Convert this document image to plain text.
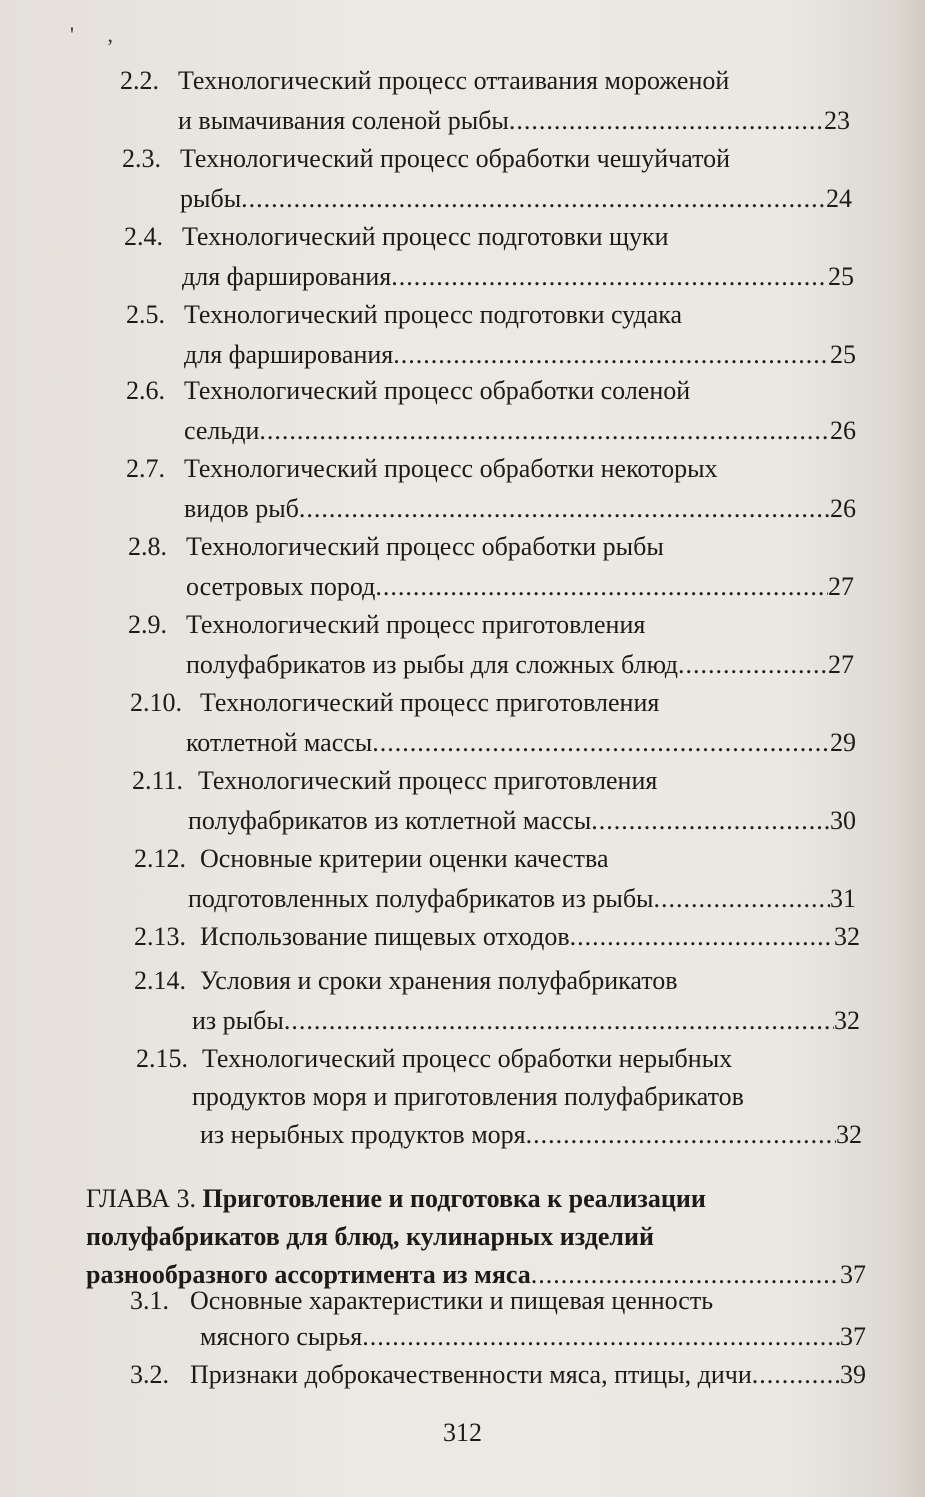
' ,
2.2. Технологический процесс оттаивания мороженой
и вымачивания соленой рыбы .....	23
2.3. Технологический процесс обработки чешуйчатой
рыбы .....	24
2.4. Технологический процесс подготовки щуки
для фарширования .....	25
2.5. Технологический процесс подготовки судака
для фарширования .....	25
2.6. Технологический процесс обработки соленой
сельди .....	26
2.7. Технологический процесс обработки некоторых
видов рыб .....	26
2.8. Технологический процесс обработки рыбы
осетровых пород .....	27
2.9. Технологический процесс приготовления
полуфабрикатов из рыбы для сложных блюд .....	27
2.10. Технологический процесс приготовления
котлетной массы .....	29
2.11. Технологический процесс приготовления
полуфабрикатов из котлетной массы .....	30
2.12. Основные критерии оценки качества
подготовленных полуфабрикатов из рыбы .....	31
2.13. Использование пищевых отходов .....	32
2.14. Условия и сроки хранения полуфабрикатов
из рыбы .....	32
2.15. Технологический процесс обработки нерыбных
продуктов моря и приготовления полуфабрикатов
из нерыбных продуктов моря .....	32
ГЛАВА 3. Приготовление и подготовка к реализации
полуфабрикатов для блюд, кулинарных изделий
разнообразного ассортимента из мяса .....	37
3.1. Основные характеристики и пищевая ценность
мясного сырья .....	37
3.2. Признаки доброкачественности мяса, птицы, дичи .....	39
312
